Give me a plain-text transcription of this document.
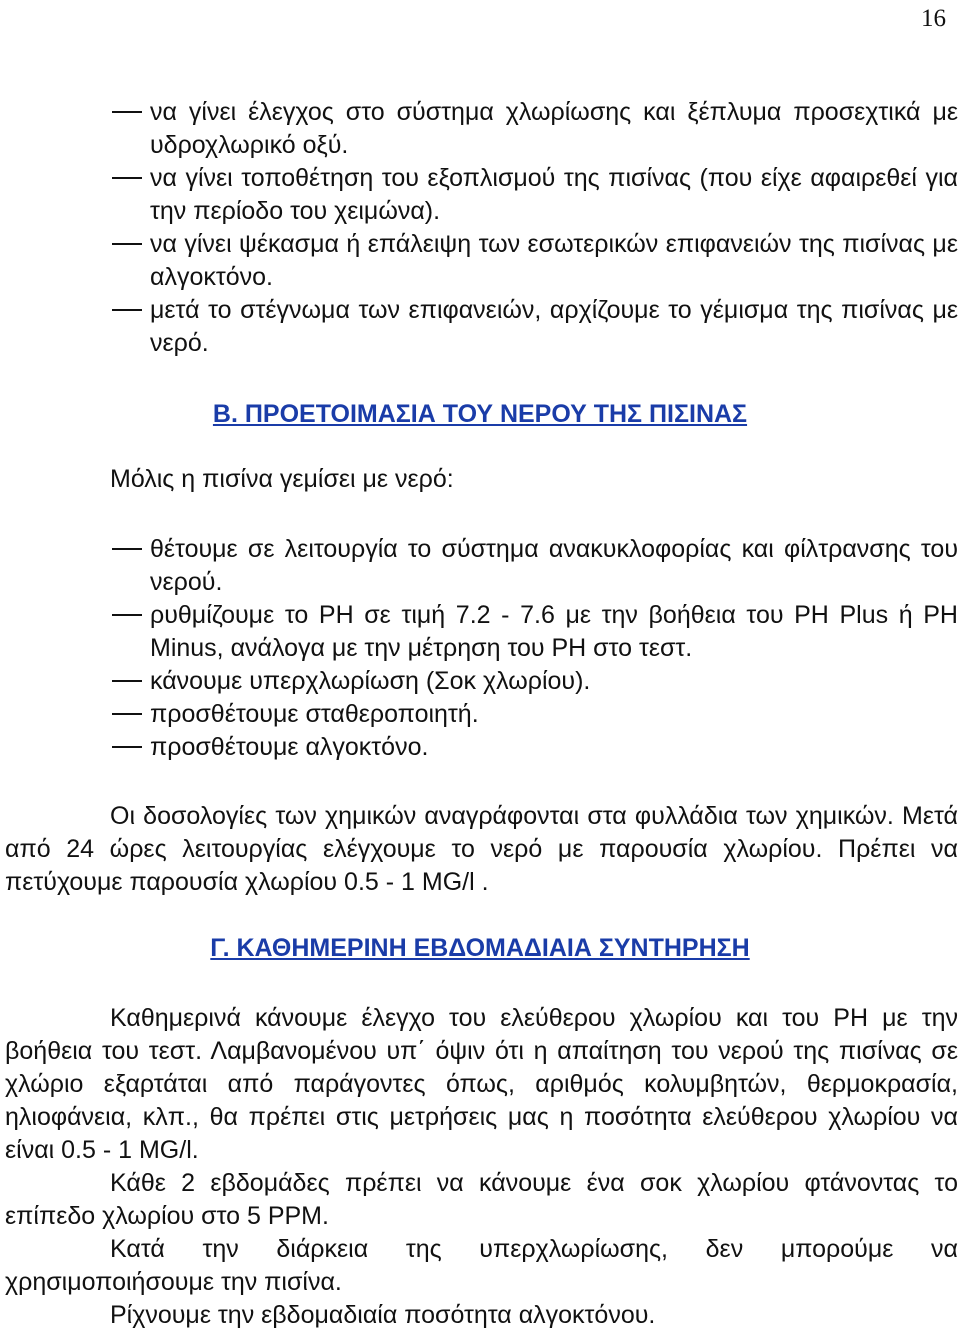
16
να γίνει έλεγχος στο σύστημα χλωρίωσης και ξέπλυμα προσεχτικά με υδροχλωρικό οξύ.
να γίνει τοποθέτηση του εξοπλισμού της πισίνας (που είχε αφαιρεθεί για την περίοδο του χειμώνα).
να γίνει ψέκασμα ή επάλειψη των εσωτερικών επιφανειών της πισίνας με αλγοκτόνο.
μετά το στέγνωμα των επιφανειών, αρχίζουμε το γέμισμα της πισίνας με νερό.
Β. ΠΡΟΕΤΟΙΜΑΣΙΑ ΤΟΥ ΝΕΡΟΥ ΤΗΣ ΠΙΣΙΝΑΣ

Μόλις η πισίνα γεμίσει με νερό:

θέτουμε σε λειτουργία το σύστημα ανακυκλοφορίας και φίλτρανσης του νερού.
ρυθμίζουμε το PH σε τιμή 7.2 - 7.6 με την βοήθεια του PH Plus ή PH Minus, ανάλογα με την μέτρηση του PH στο τεστ.
κάνουμε υπερχλωρίωση (Σοκ χλωρίου).
προσθέτουμε σταθεροποιητή.
προσθέτουμε αλγοκτόνο.

Οι δοσολογίες των χημικών αναγράφονται στα φυλλάδια των χημικών. Μετά από 24 ώρες λειτουργίας ελέγχουμε το νερό με παρουσία χλωρίου. Πρέπει να πετύχουμε παρουσία χλωρίου 0.5 - 1 MG/l .

Γ. ΚΑΘΗΜΕΡΙΝΗ ΕΒΔΟΜΑΔΙΑΙΑ ΣΥΝΤΗΡΗΣΗ

Καθημερινά κάνουμε έλεγχο του ελεύθερου χλωρίου και του PH με την βοήθεια του τεστ. Λαμβανομένου υπ΄ όψιν ότι η απαίτηση του νερού της πισίνας σε χλώριο εξαρτάται από παράγοντες όπως, αριθμός κολυμβητών, θερμοκρασία, ηλιοφάνεια, κλπ., θα πρέπει στις μετρήσεις μας η ποσότητα ελεύθερου χλωρίου να είναι 0.5 - 1 MG/l.

Κάθε 2 εβδομάδες πρέπει να κάνουμε ένα σοκ χλωρίου φτάνοντας το επίπεδο χλωρίου στο 5 PPM.

Κατά την διάρκεια της υπερχλωρίωσης, δεν μπορούμε να χρησιμοποιήσουμε την πισίνα.

Ρίχνουμε την εβδομαδιαία ποσότητα αλγοκτόνου.
